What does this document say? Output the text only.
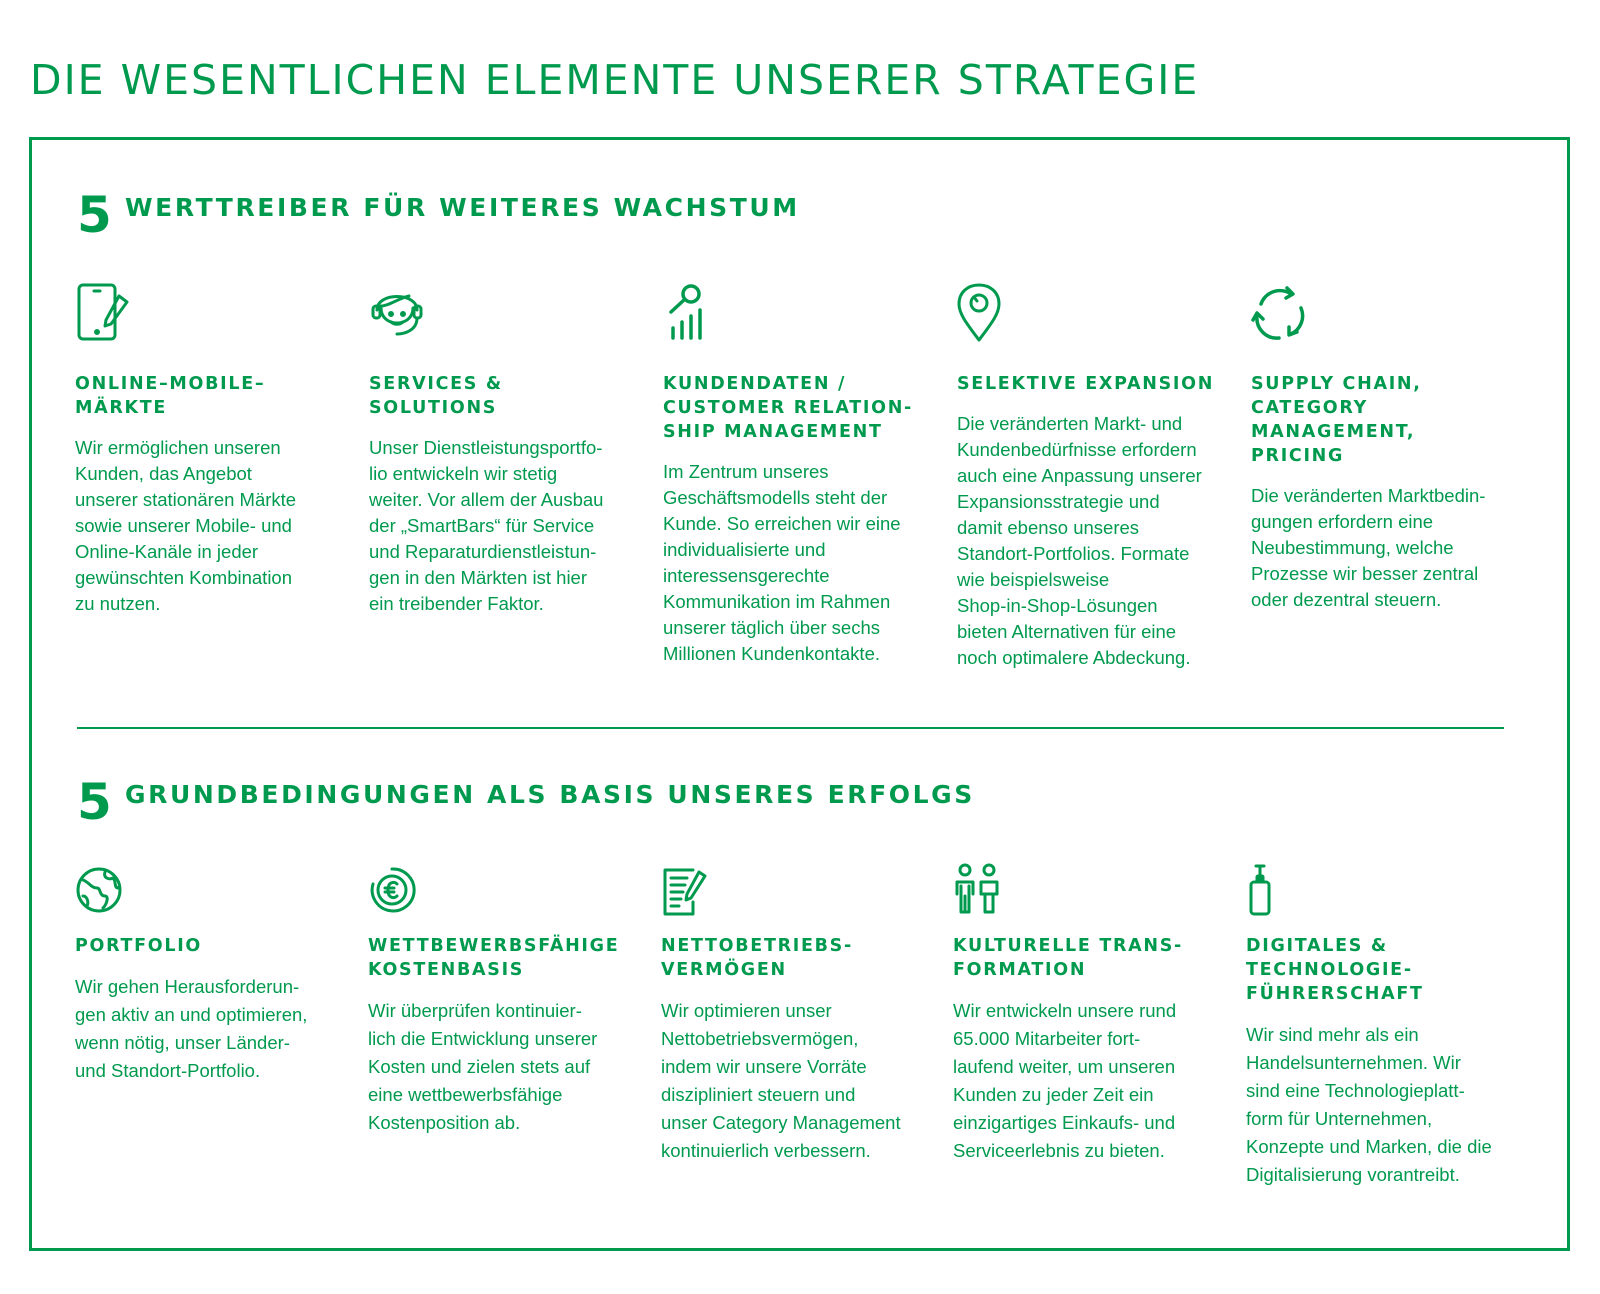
DIE WESENTLICHEN ELEMENTE UNSERER STRATEGIE
5 WERTTREIBER FÜR WEITERES WACHSTUM
ONLINE–MOBILE–MÄRKTE
Wir ermöglichen unseren
Kunden, das Angebot
unserer stationären Märkte
sowie unserer Mobile- und
Online-Kanäle in jeder
gewünschten Kombination
zu nutzen.
SERVICES &
SOLUTIONS
Unser Dienstleistungsportfo-
lio entwickeln wir stetig
weiter. Vor allem der Ausbau
der „SmartBars“ für Service
und Reparaturdienstleistun-
gen in den Märkten ist hier
ein treibender Faktor.
KUNDENDATEN /
CUSTOMER RELATION-
SHIP MANAGEMENT
Im Zentrum unseres
Geschäftsmodells steht der
Kunde. So erreichen wir eine
individualisierte und
interessensgerechte
Kommunikation im Rahmen
unserer täglich über sechs
Millionen Kundenkontakte.
SELEKTIVE EXPANSION
Die veränderten Markt- und
Kundenbedürfnisse erfordern
auch eine Anpassung unserer
Expansionsstrategie und
damit ebenso unseres
Standort-Portfolios. Formate
wie beispielsweise
Shop-in-Shop-Lösungen
bieten Alternativen für eine
noch optimalere Abdeckung.
SUPPLY CHAIN,
CATEGORY MANAGEMENT,
PRICING
Die veränderten Marktbedin-
gungen erfordern eine
Neubestimmung, welche
Prozesse wir besser zentral
oder dezentral steuern.
5 GRUNDBEDINGUNGEN ALS BASIS UNSERES ERFOLGS
PORTFOLIO
Wir gehen Herausforderun-
gen aktiv an und optimieren,
wenn nötig, unser Länder-
und Standort-Portfolio.
WETTBEWERBSFÄHIGE
KOSTENBASIS
Wir überprüfen kontinuier-
lich die Entwicklung unserer
Kosten und zielen stets auf
eine wettbewerbsfähige
Kostenposition ab.
NETTOBETRIEBS-
VERMÖGEN
Wir optimieren unser
Nettobetriebsvermögen,
indem wir unsere Vorräte
diszipliniert steuern und
unser Category Management
kontinuierlich verbessern.
KULTURELLE TRANS-
FORMATION
Wir entwickeln unsere rund
65.000 Mitarbeiter fort-
laufend weiter, um unseren
Kunden zu jeder Zeit ein
einzigartiges Einkaufs- und
Serviceerlebnis zu bieten.
DIGITALES &
TECHNOLOGIE-
FÜHRERSCHAFT
Wir sind mehr als ein
Handelsunternehmen. Wir
sind eine Technologieplatt-
form für Unternehmen,
Konzepte und Marken, die die
Digitalisierung vorantreibt.
